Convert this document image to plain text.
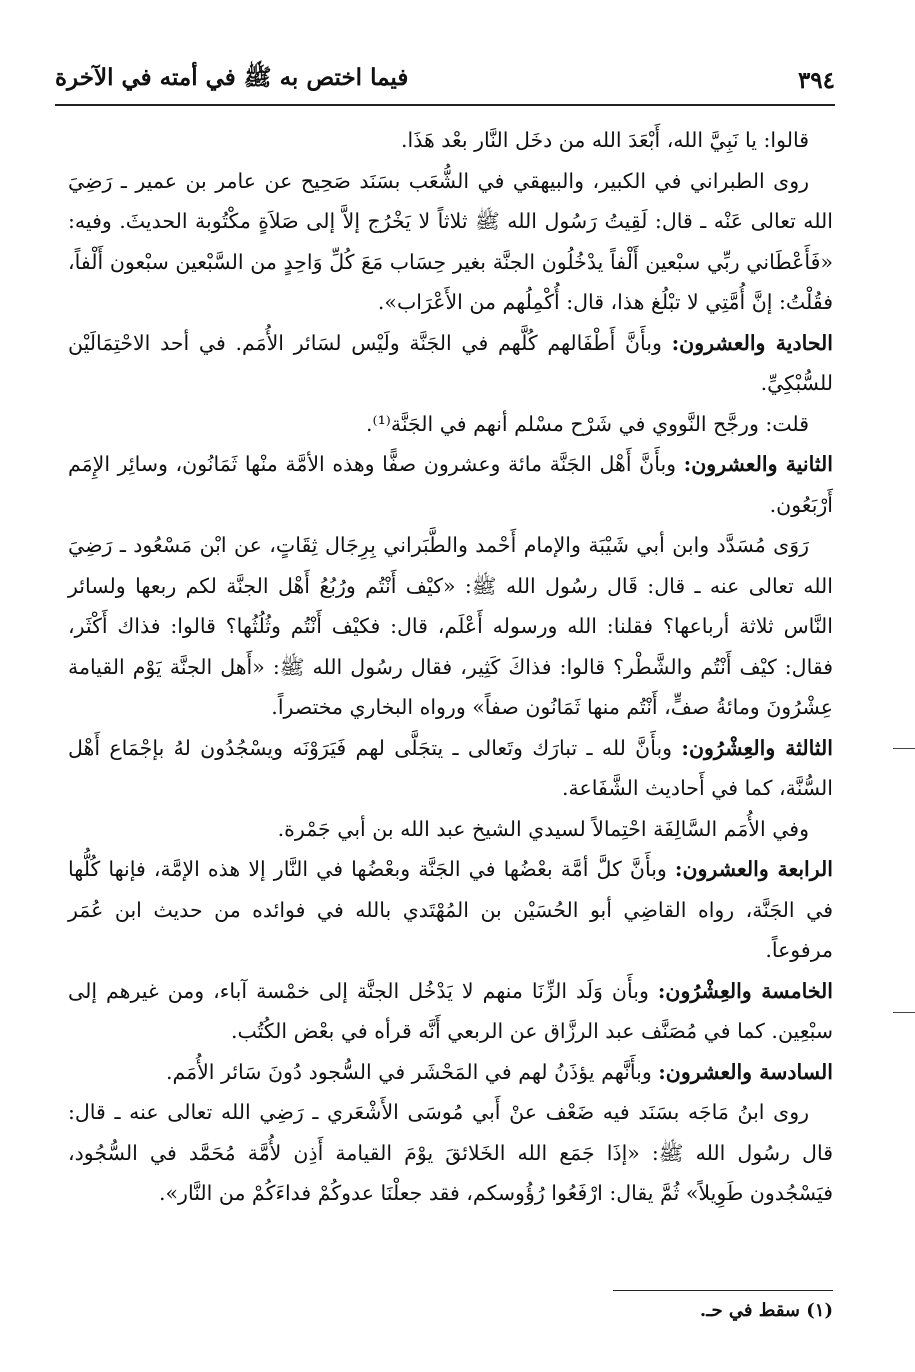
٣٩٤
فيما اختص به ﷺ في أمته في الآخرة

قالوا: يا نَبِيَّ الله، أَبْعَدَ الله من دخَل النَّار بعْد هَذَا.

روى الطبراني في الكبير، والبيهقي في الشُّعَب بسَنَد صَحِيح عن عامر بن عمير ـ رَضِيَ الله تعالى عَنْه ـ قال: لَقِيتُ رَسُول الله ﷺ ثلاثاً لا يَخْرُج إلاَّ إلى صَلاَةٍ مكْتُوبة الحديثَ. وفيه: «فَأَعْطَاني ربِّي سبْعين أَلْفاً يدْخُلُون الجنَّة بغير حِسَاب مَعَ كُلِّ وَاحِدٍ من السَّبْعين سبْعون أَلْفاً، فقُلْتُ: إنَّ أُمَّتِي لا تبْلُغ هذا، قال: أُكْمِلُهم من الأَعْرَاب».

الحادية والعشرون: وبأَنَّ أَطْفَالهم كُلَّهم في الجَنَّة ولَيْس لسَائر الأُمَم. في أحد الاحْتِمَالَيْن للسُّبْكِيِّ.

قلت: ورجَّح النَّووي في شَرْح مسْلم أنهم في الجَنَّة⁽¹⁾.

الثانية والعشرون: وبأَنَّ أَهْل الجَنَّة مائة وعشرون صفًّا وهذه الأمَّة منْها ثَمَانُون، وسائِر الإِمَم أَرْبَعُون.

رَوَى مُسَدَّد وابن أبي شَيْبَة والإمام أَحْمد والطَّبَراني بِرِجَال ثِقَاتٍ، عن ابْن مَسْعُود ـ رَضِيَ الله تعالى عنه ـ قال: قَال رسُول الله ﷺ: «كيْف أَنْتُم ورُبُعُ أَهْل الجنَّة لكم ربعها ولسائر النَّاس ثلاثة أرباعها؟ فقلنا: الله ورسوله أَعْلَم، قال: فكيْف أَنْتُم وثُلُثُها؟ قالوا: فذاك أَكْثَر، فقال: كيْف أَنْتُم والشَّطْر؟ قالوا: فذاكَ كَثِير، فقال رسُول الله ﷺ: «أَهل الجنَّة يَوْم القيامة عِشْرُونَ ومائةُ صفٍّ، أَنْتُم منها ثَمَانُون صفاً» ورواه البخاري مختصراً.

الثالثة والعِشْرُون: وبأَنَّ لله ـ تبارَك وتَعالى ـ يتجَلَّى لهم فَيَرَوْنَه ويسْجُدُون لهُ بإجْمَاع أَهْل السُّنَّة، كما في أَحاديث الشَّفَاعة.

وفي الأُمَم السَّالِفَة احْتِمالاً لسيدي الشيخ عبد الله بن أبي جَمْرة.

الرابعة والعشرون: وبأَنَّ كلَّ أمَّة بعْضُها في الجَنَّة وبعْضُها في النَّار إلا هذه الإمَّة، فإنها كُلُّها في الجَنَّة، رواه القاضِي أبو الحُسَيْن بن المُهْتَدي بالله في فوائده من حديث ابن عُمَر مرفوعاً.

الخامسة والعِشْرُون: وبأَن وَلَد الزِّنَا منهم لا يَدْخُل الجنَّة إلى خمْسة آباء، ومن غيرهم إلى سبْعِين. كما في مُصَنَّف عبد الرزَّاق عن الربعي أَنَّه قرأه في بعْض الكُتُب.

السادسة والعشرون: وبأَنَّهم يؤذَنُ لهم في المَحْشَر في السُّجود دُونَ سَائر الأُمَم.

روى ابنُ مَاجَه بسَنَد فيه ضَعْف عنْ أَبي مُوسَى الأَشْعَري ـ رَضِي الله تعالى عنه ـ قال: قال رسُول الله ﷺ: «إذَا جَمَع الله الخَلائقَ يوْمَ القيامة أَذِن لأُمَّة مُحَمَّد في السُّجُود، فيَسْجُدون طَوِيلاً» ثُمَّ يقال: ارْفَعُوا رُؤُوسكم، فقد جعلْنَا عدوكُمْ فداءَكُمْ من النَّار».

(١) سقط في حـ.
